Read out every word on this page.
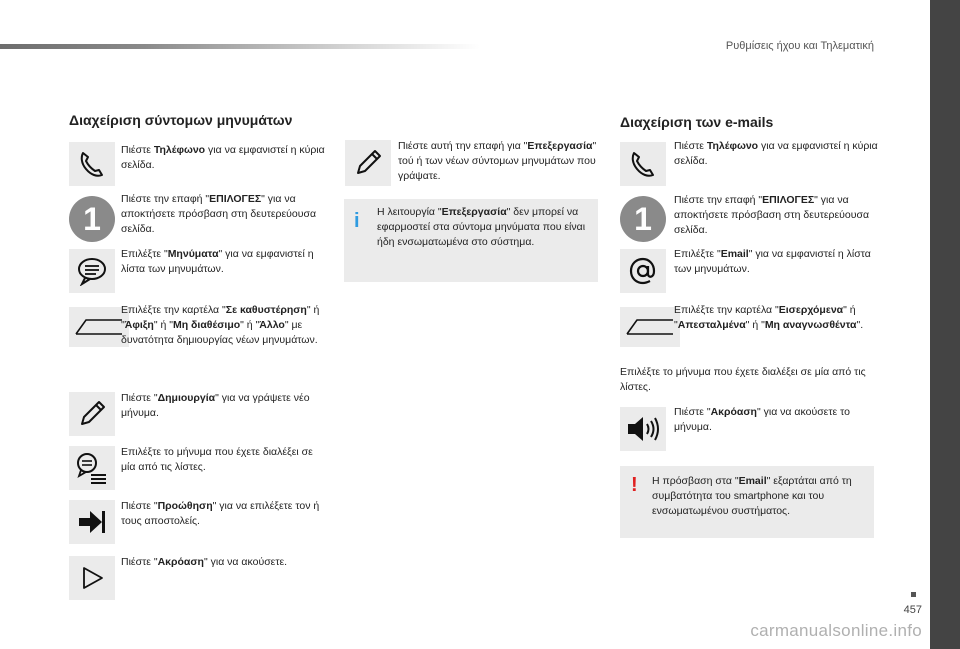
Ρυθμίσεις ήχου και Τηλεματική
457
carmanualsonline.info
Διαχείριση σύντομων μηνυμάτων
Πιέστε Τηλέφωνο για να εμφανιστεί η κύρια σελίδα.
1
Πιέστε την επαφή "ΕΠΙΛΟΓΕΣ" για να αποκτήσετε πρόσβαση στη δευτερεύουσα σελίδα.
Επιλέξτε "Μηνύματα" για να εμφανιστεί η λίστα των μηνυμάτων.
Επιλέξτε την καρτέλα "Σε καθυστέρηση" ή "Άφιξη" ή "Μη διαθέσιμο" ή "Άλλο" με δυνατότητα δημιουργίας νέων μηνυμάτων.
Πιέστε "Δημιουργία" για να γράψετε νέο μήνυμα.
Επιλέξτε το μήνυμα που έχετε διαλέξει σε μία από τις λίστες.
Πιέστε "Προώθηση" για να επιλέξετε τον ή τους αποστολείς.
Πιέστε "Ακρόαση" για να ακούσετε.
Πιέστε αυτή την επαφή για "Επεξεργασία" τού ή των νέων σύντομων μηνυμάτων που γράψατε.
i Η λειτουργία "Επεξεργασία" δεν μπορεί να εφαρμοστεί στα σύντομα μηνύματα που είναι ήδη ενσωματωμένα στο σύστημα.
Διαχείριση των e-mails
Πιέστε Τηλέφωνο για να εμφανιστεί η κύρια σελίδα.
1
Πιέστε την επαφή "ΕΠΙΛΟΓΕΣ" για να αποκτήσετε πρόσβαση στη δευτερεύουσα σελίδα.
Επιλέξτε "Email" για να εμφανιστεί η λίστα των μηνυμάτων.
Επιλέξτε την καρτέλα "Εισερχόμενα" ή "Απεσταλμένα" ή "Μη αναγνωσθέντα".
Επιλέξτε το μήνυμα που έχετε διαλέξει σε μία από τις λίστες.
Πιέστε "Ακρόαση" για να ακούσετε το μήνυμα.
! Η πρόσβαση στα "Email" εξαρτάται από τη συμβατότητα του smartphone και του ενσωματωμένου συστήματος.
